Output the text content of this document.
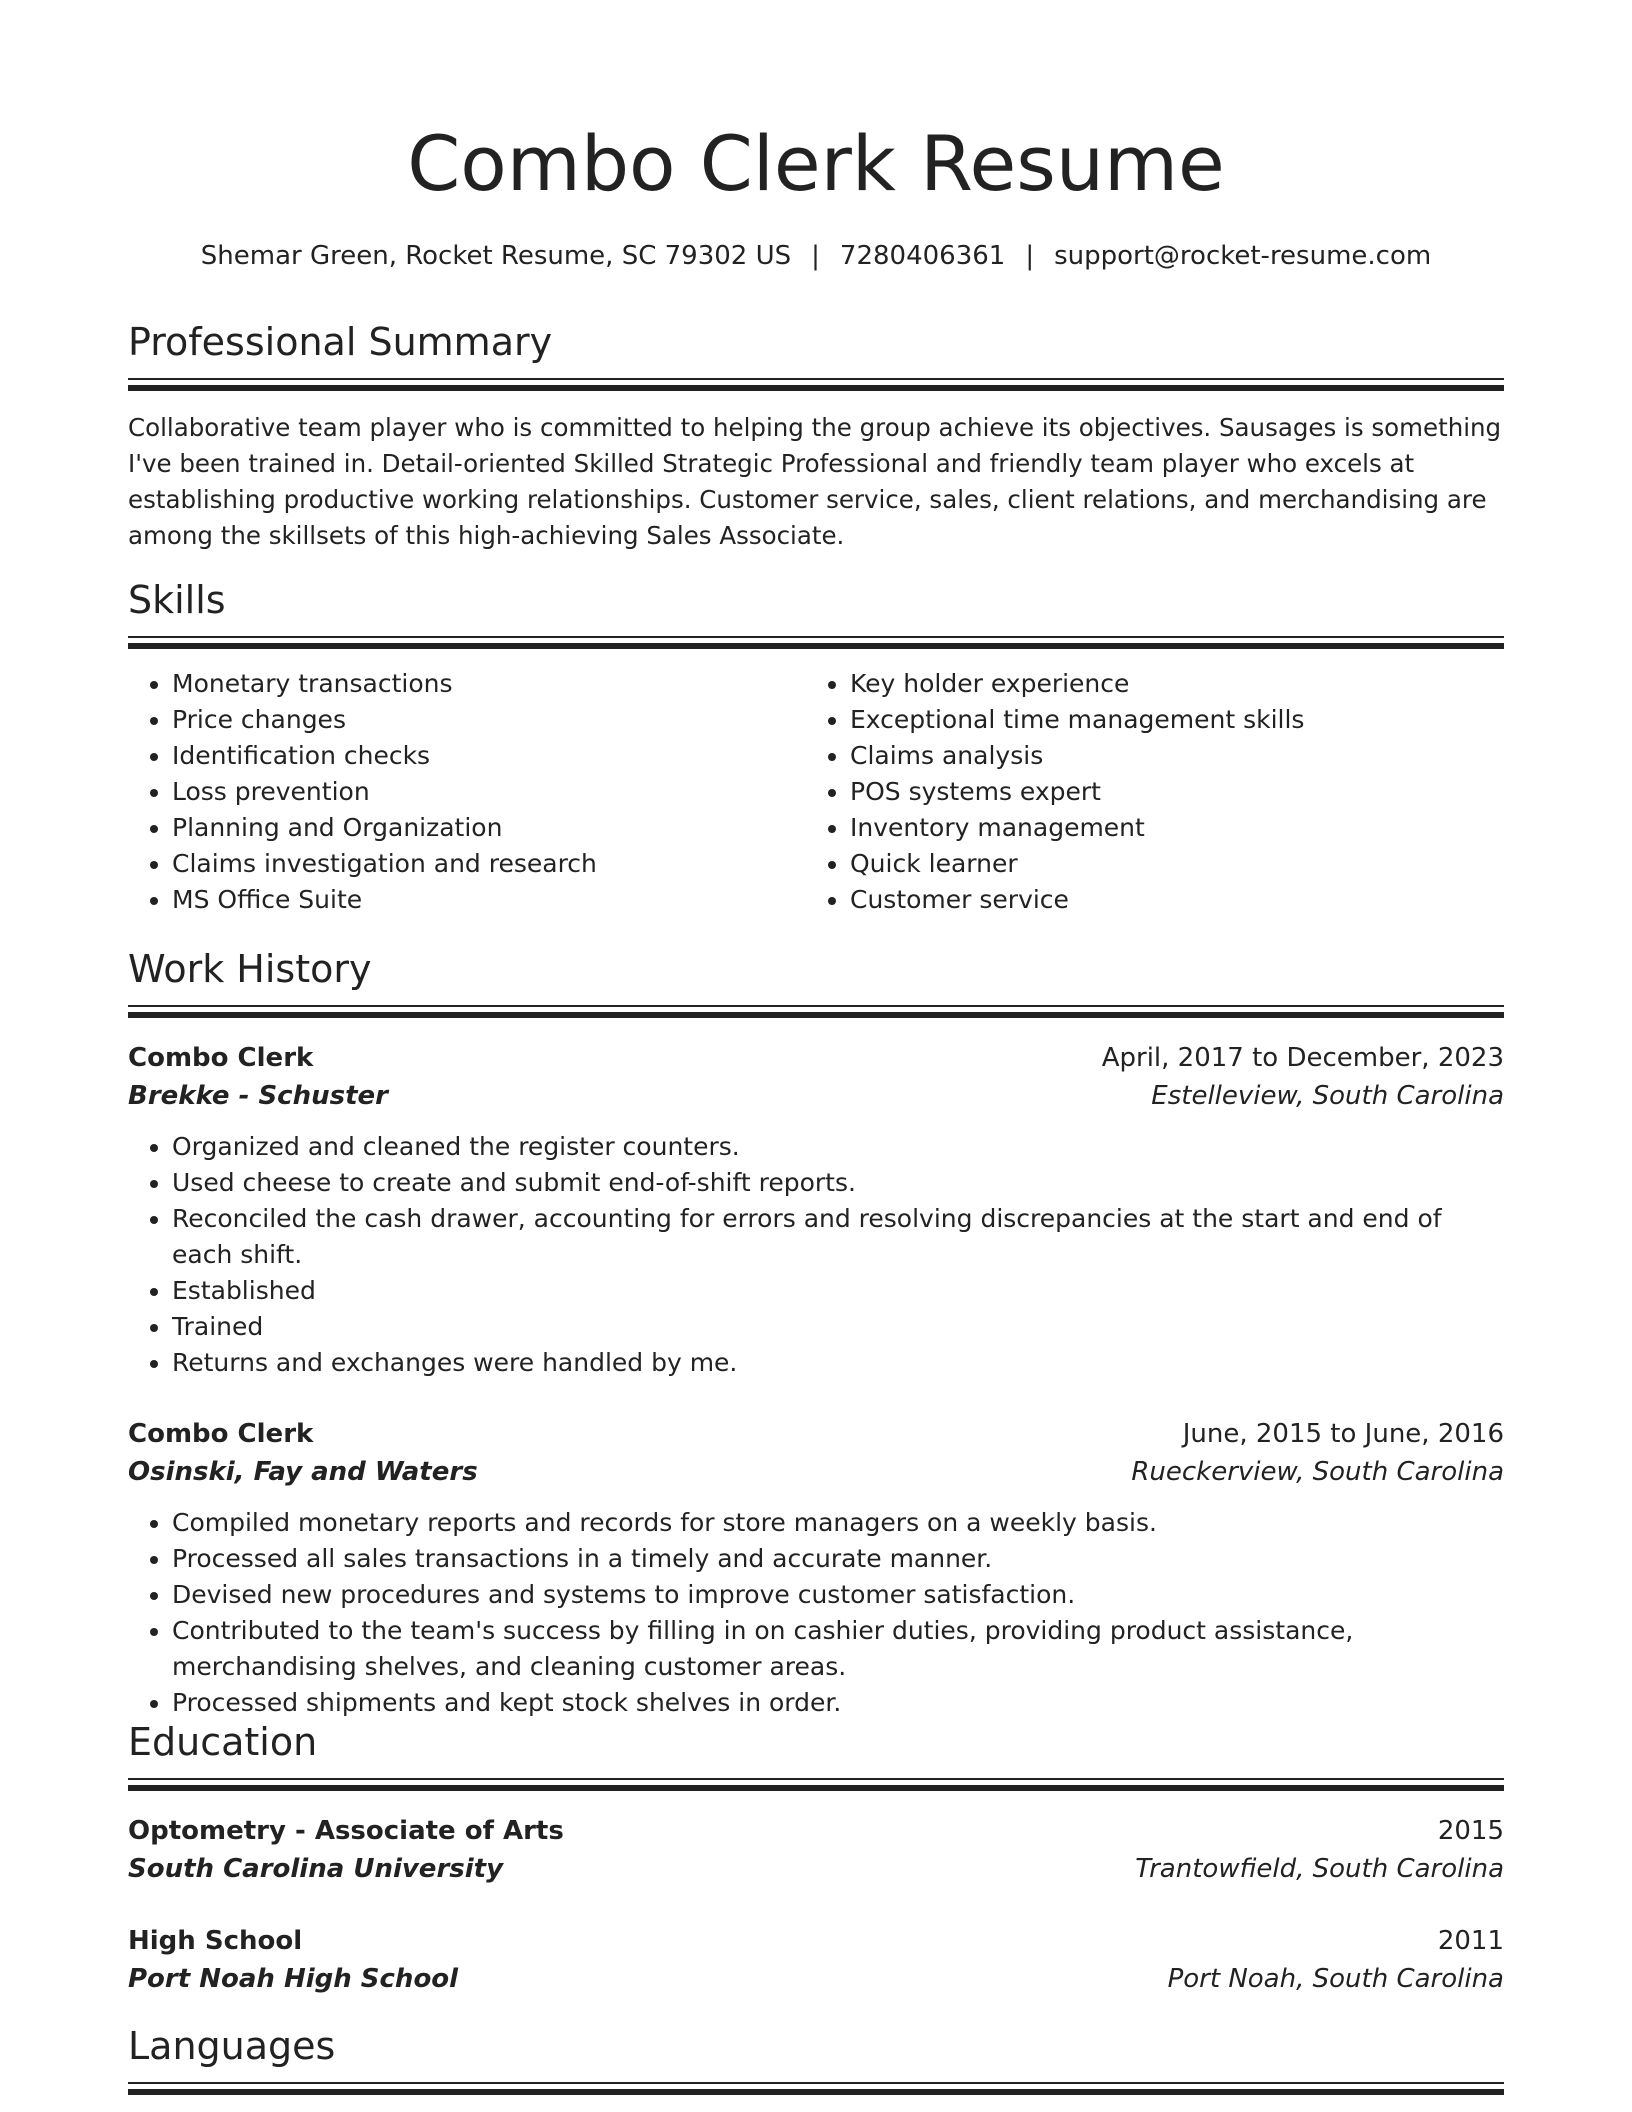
Combo Clerk Resume
Shemar Green, Rocket Resume, SC 79302 US | 7280406361 | support@rocket-resume.com
Professional Summary

Collaborative team player who is committed to helping the group achieve its objectives. Sausages is something I've been trained in. Detail-oriented Skilled Strategic Professional and friendly team player who excels at establishing productive working relationships. Customer service, sales, client relations, and merchandising are among the skillsets of this high-achieving Sales Associate.

Skills
• Monetary transactions
• Price changes
• Identification checks
• Loss prevention
• Planning and Organization
• Claims investigation and research
• MS Office Suite
• Key holder experience
• Exceptional time management skills
• Claims analysis
• POS systems expert
• Inventory management
• Quick learner
• Customer service
Work History
Combo Clerk	April, 2017 to December, 2023
Brekke - Schuster	Estelleview, South Carolina
• Organized and cleaned the register counters.
• Used cheese to create and submit end-of-shift reports.
• Reconciled the cash drawer, accounting for errors and resolving discrepancies at the start and end of each shift.
• Established
• Trained
• Returns and exchanges were handled by me.
Combo Clerk	June, 2015 to June, 2016
Osinski, Fay and Waters	Rueckerview, South Carolina
• Compiled monetary reports and records for store managers on a weekly basis.
• Processed all sales transactions in a timely and accurate manner.
• Devised new procedures and systems to improve customer satisfaction.
• Contributed to the team's success by filling in on cashier duties, providing product assistance, merchandising shelves, and cleaning customer areas.
• Processed shipments and kept stock shelves in order.
Education
Optometry - Associate of Arts	2015
South Carolina University	Trantowfield, South Carolina
High School	2011
Port Noah High School	Port Noah, South Carolina
Languages
